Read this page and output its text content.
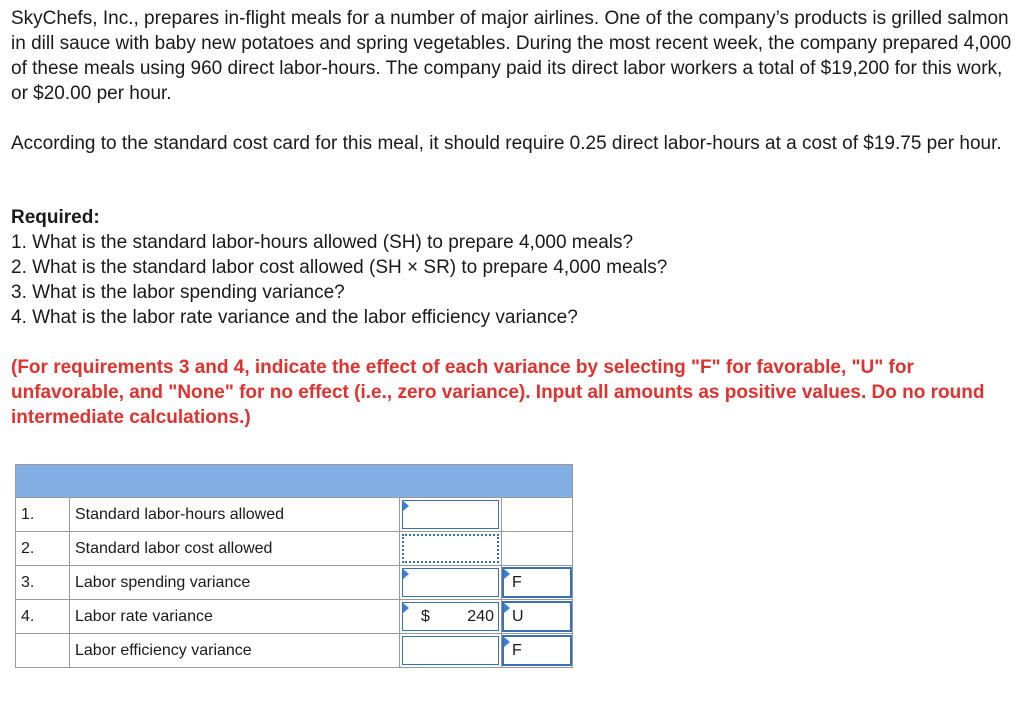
SkyChefs, Inc., prepares in-flight meals for a number of major airlines. One of the company’s products is grilled salmon in dill sauce with baby new potatoes and spring vegetables. During the most recent week, the company prepared 4,000 of these meals using 960 direct labor-hours. The company paid its direct labor workers a total of $19,200 for this work, or $20.00 per hour.

According to the standard cost card for this meal, it should require 0.25 direct labor-hours at a cost of $19.75 per hour.

Required:

1. What is the standard labor-hours allowed (SH) to prepare 4,000 meals?

2. What is the standard labor cost allowed (SH × SR) to prepare 4,000 meals?

3. What is the labor spending variance?

4. What is the labor rate variance and the labor efficiency variance?

(For requirements 3 and 4, indicate the effect of each variance by selecting "F" for favorable, "U" for unfavorable, and "None" for no effect (i.e., zero variance). Input all amounts as positive values. Do no round intermediate calculations.)

1.	Standard labor-hours allowed	

2.	Standard labor cost allowed	

3.	Labor spending variance		F

4.	Labor rate variance	$ 240	U

	Labor efficiency variance		F
